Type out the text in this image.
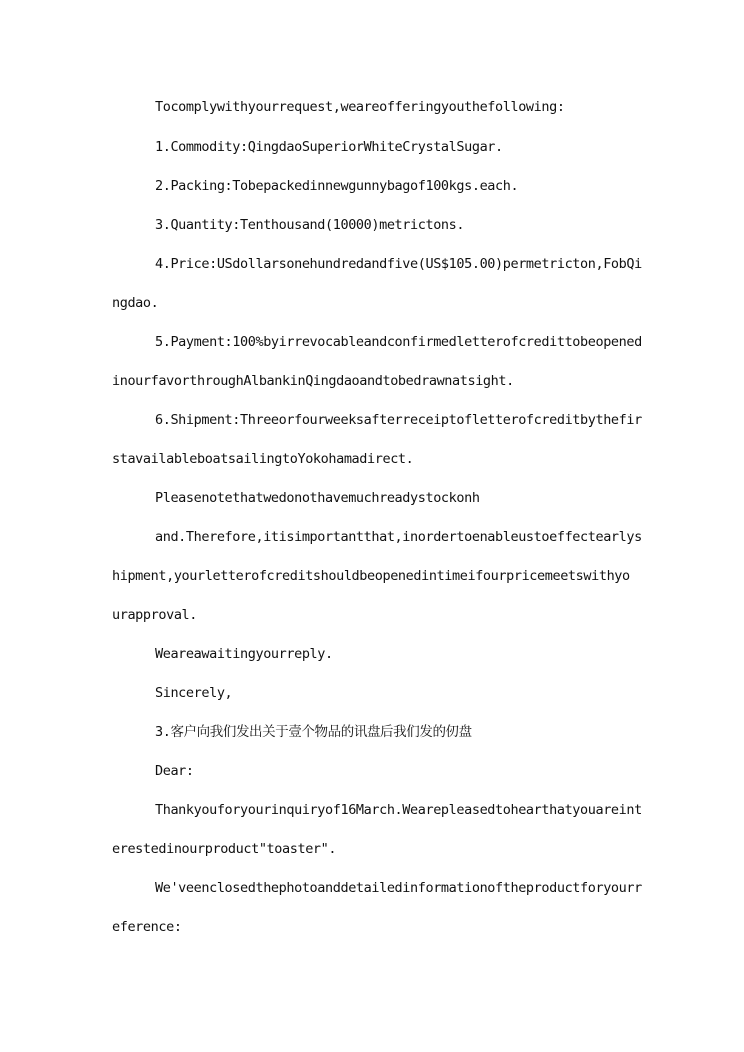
Tocomplywithyourrequest,weareofferingyouthefollowing:
1.Commodity:QingdaoSuperiorWhiteCrystalSugar.
2.Packing:Tobepackedinnewgunnybagof100kgs.each.
3.Quantity:Tenthousand(10000)metrictons.
4.Price:USdollarsonehundredandfive(US$105.00)permetricton,FobQi
ngdao.
5.Payment:100%byirrevocableandconfirmedletterofcredittobeopened
inourfavorthroughAlbankinQingdaoandtobedrawnatsight.
6.Shipment:Threeorfourweeksafterreceiptofletterofcreditbythefir
stavailableboatsailingtoYokohamadirect.
Pleasenotethatwedonothavemuchreadystockonh
and.Therefore,itisimportantthat,inordertoenableustoeffectearlys
hipment,yourletterofcreditshouldbeopenedintimeifourpricemeetswithyo
urapproval.
Weareawaitingyourreply.
Sincerely,
3.客户向我们发出关于壹个物品的讯盘后我们发的仞盘
Dear:
Thankyouforyourinquiryof16March.Wearepleasedtohearthatyouareint
erestedinourproduct"toaster".
We'veenclosedthephotoanddetailedinformationoftheproductforyourr
eference:
